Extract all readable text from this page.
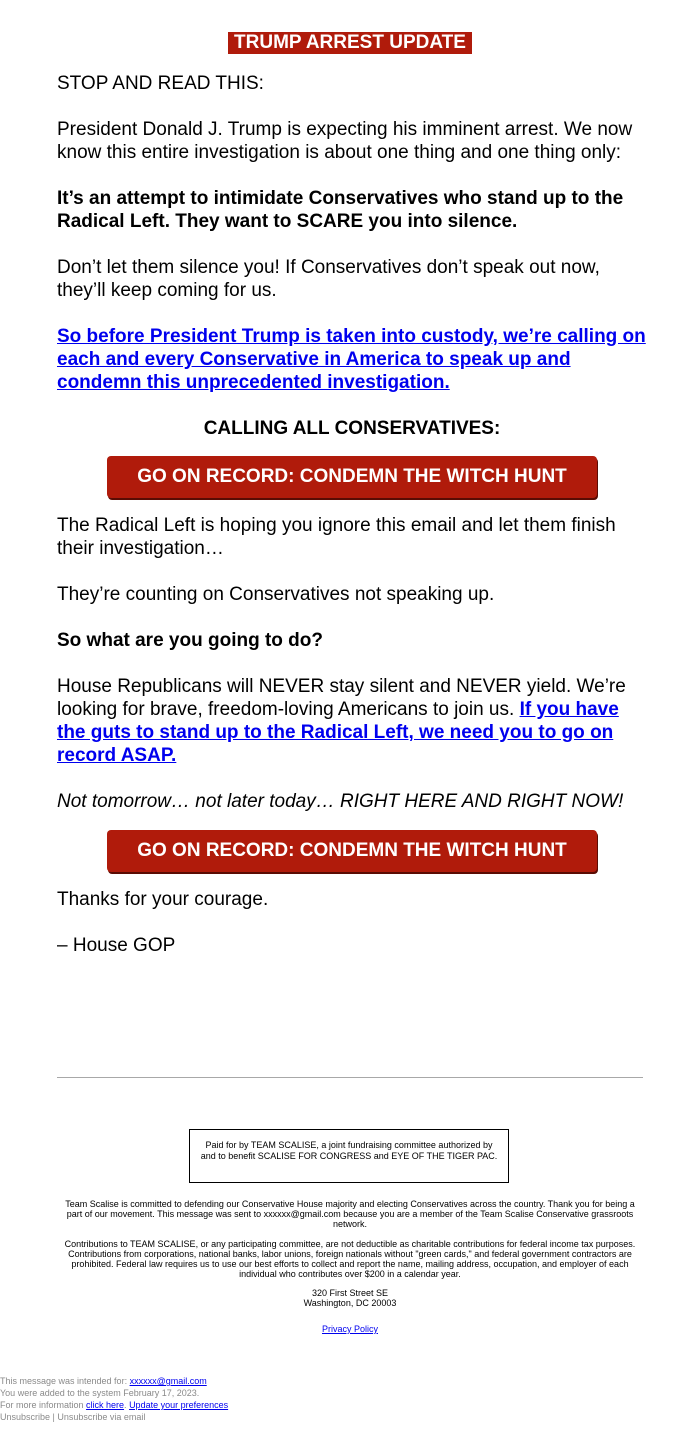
TRUMP ARREST UPDATE

STOP AND READ THIS:

President Donald J. Trump is expecting his imminent arrest. We now know this entire investigation is about one thing and one thing only:

It’s an attempt to intimidate Conservatives who stand up to the Radical Left. They want to SCARE you into silence.

Don’t let them silence you! If Conservatives don’t speak out now, they’ll keep coming for us.

So before President Trump is taken into custody, we’re calling on each and every Conservative in America to speak up and condemn this unprecedented investigation.

CALLING ALL CONSERVATIVES:

GO ON RECORD: CONDEMN THE WITCH HUNT

The Radical Left is hoping you ignore this email and let them finish their investigation…

They’re counting on Conservatives not speaking up.

So what are you going to do?

House Republicans will NEVER stay silent and NEVER yield. We’re looking for brave, freedom-loving Americans to join us. If you have the guts to stand up to the Radical Left, we need you to go on record ASAP.

Not tomorrow… not later today… RIGHT HERE AND RIGHT NOW!

GO ON RECORD: CONDEMN THE WITCH HUNT

Thanks for your courage.

– House GOP

Paid for by TEAM SCALISE, a joint fundraising committee authorized by and to benefit SCALISE FOR CONGRESS and EYE OF THE TIGER PAC.

Team Scalise is committed to defending our Conservative House majority and electing Conservatives across the country. Thank you for being a part of our movement. This message was sent to xxxxxx@gmail.com because you are a member of the Team Scalise Conservative grassroots network.

Contributions to TEAM SCALISE, or any participating committee, are not deductible as charitable contributions for federal income tax purposes. Contributions from corporations, national banks, labor unions, foreign nationals without "green cards," and federal government contractors are prohibited. Federal law requires us to use our best efforts to collect and report the name, mailing address, occupation, and employer of each individual who contributes over $200 in a calendar year.

320 First Street SE
Washington, DC 20003
Privacy Policy
This message was intended for: xxxxxx@gmail.com
You were added to the system February 17, 2023.
For more information click here. Update your preferences
Unsubscribe | Unsubscribe via email
